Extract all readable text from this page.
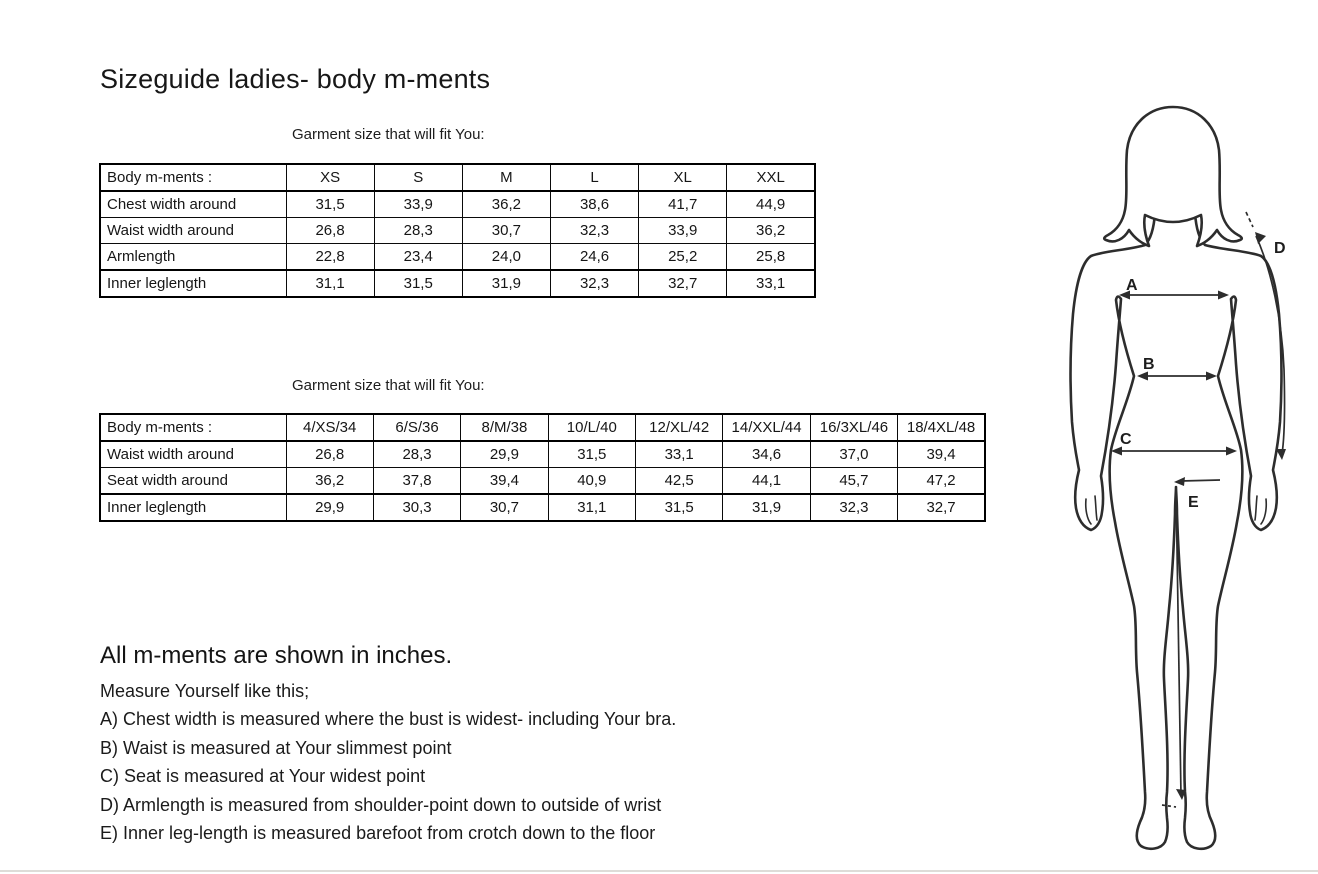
Sizeguide ladies- body m-ments
Garment size that will fit You:
Body m-ments :	XS	S	M	L	XL	XXL
Chest width around	31,5	33,9	36,2	38,6	41,7	44,9
Waist width around	26,8	28,3	30,7	32,3	33,9	36,2
Armlength	22,8	23,4	24,0	24,6	25,2	25,8
Inner leglength	31,1	31,5	31,9	32,3	32,7	33,1
Garment size that will fit You:
Body m-ments :	4/XS/34	6/S/36	8/M/38	10/L/40	12/XL/42	14/XXL/44	16/3XL/46	18/4XL/48
Waist width around	26,8	28,3	29,9	31,5	33,1	34,6	37,0	39,4
Seat width around	36,2	37,8	39,4	40,9	42,5	44,1	45,7	47,2
Inner leglength	29,9	30,3	30,7	31,1	31,5	31,9	32,3	32,7
All m-ments are shown in inches.
Measure Yourself like this;
A) Chest width is measured where the bust is widest- including Your bra.
B) Waist is measured at Your slimmest point
C) Seat is measured at Your widest point
D) Armlength is measured from shoulder-point down to outside of wrist
E) Inner leg-length is measured barefoot from crotch down to the floor
A
B
C
D
E
